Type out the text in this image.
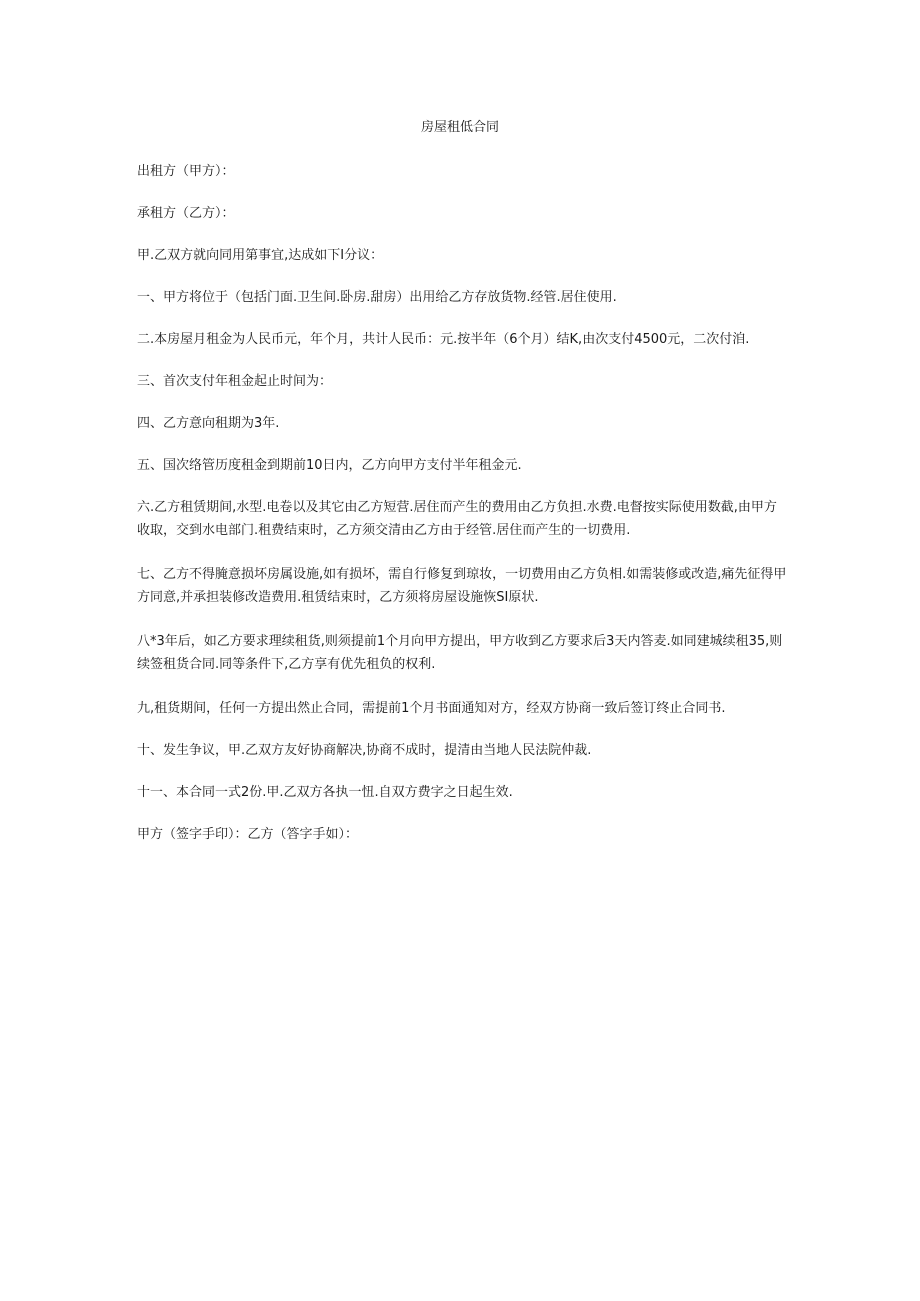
房屋租低合同
出租方（甲方）：
承租方（乙方）：
甲.乙双方就向同用第事宜,达成如下I分议：
一、甲方将位于（包括门面.卫生间.卧房.甜房）出用给乙方存放货物.经管.居住使用.
二.本房屋月租金为人民币元，年个月，共计人民币：元.按半年（6个月）结K,由次支付4500元，二次付洎.
三、首次支付年租金起止时间为：
四、乙方意向租期为3年.
五、国次络管历度租金到期前10日内，乙方向甲方支付半年租金元.
六.乙方租赁期间,水型.电卷以及其它由乙方短营.居住而产生的费用由乙方负担.水费.电督按实际使用数截,由甲方收取，交到水电部门.租费结束时，乙方须交清由乙方由于经管.居住而产生的一切费用.
七、乙方不得腌意损坏房属设施,如有损坏，需自行修复到琼妆，一切费用由乙方负相.如需装修或改造,痛先征得甲方同意,并承担装修改造费用.租赁结束时，乙方须将房屋设施恢SI原状.
八*3年后，如乙方要求理续租货,则须提前1个月向甲方提出，甲方收到乙方要求后3天内答麦.如同建城续租35,则续签租货合同.同等条件下,乙方享有优先租负的权利.
九,租货期间，任何一方提出然止合同，需提前1个月书面通知对方，经双方协商一致后签订终止合同书.
十、发生争议，甲.乙双方友好协商解决,协商不成时，提清由当地人民法院仲裁.
十一、本合同一式2份.甲.乙双方各执一忸.自双方费字之日起生效.
甲方（签字手印）：乙方（答字手如）：
